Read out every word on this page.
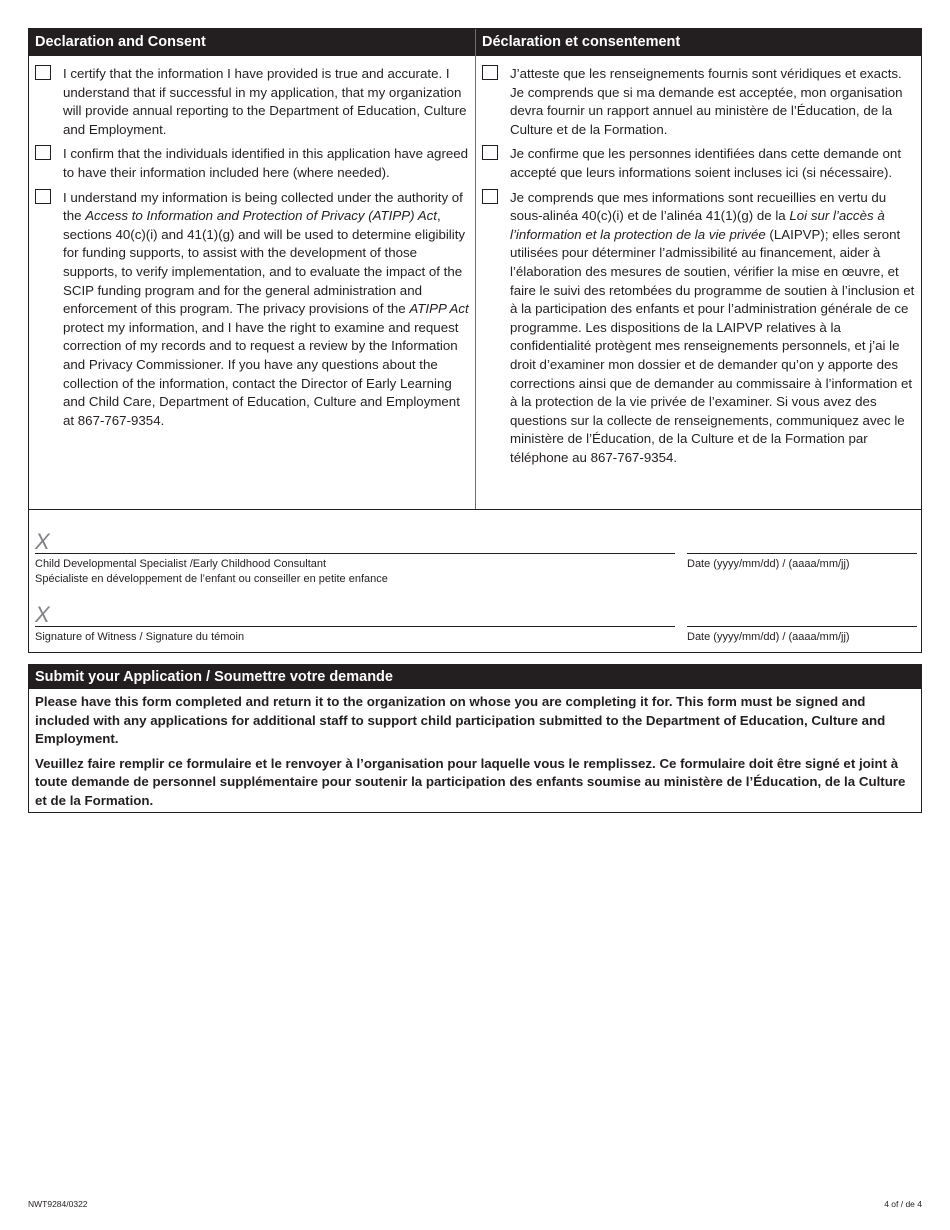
Declaration and Consent
I certify that the information I have provided is true and accurate. I understand that if successful in my application, that my organization will provide annual reporting to the Department of Education, Culture and Employment.
I confirm that the individuals identified in this application have agreed to have their information included here (where needed).
I understand my information is being collected under the authority of the Access to Information and Protection of Privacy (ATIPP) Act, sections 40(c)(i) and 41(1)(g) and will be used to determine eligibility for funding supports, to assist with the development of those supports, to verify implementation, and to evaluate the impact of the SCIP funding program and for the general administration and enforcement of this program. The privacy provisions of the ATIPP Act protect my information, and I have the right to examine and request correction of my records and to request a review by the Information and Privacy Commissioner. If you have any questions about the collection of the information, contact the Director of Early Learning and Child Care, Department of Education, Culture and Employment at 867-767-9354.
Déclaration et consentement
J’atteste que les renseignements fournis sont véridiques et exacts. Je comprends que si ma demande est acceptée, mon organisation devra fournir un rapport annuel au ministère de l’Éducation, de la Culture et de la Formation.
Je confirme que les personnes identifiées dans cette demande ont accepté que leurs informations soient incluses ici (si nécessaire).
Je comprends que mes informations sont recueillies en vertu du sous-alinéa 40(c)(i) et de l’alinéa 41(1)(g) de la Loi sur l’accès à l’information et la protection de la vie privée (LAIPVP); elles seront utilisées pour déterminer l’admissibilité au financement, aider à l’élaboration des mesures de soutien, vérifier la mise en œuvre, et faire le suivi des retombées du programme de soutien à l’inclusion et à la participation des enfants et pour l’administration générale de ce programme. Les dispositions de la LAIPVP relatives à la confidentialité protègent mes renseignements personnels, et j’ai le droit d’examiner mon dossier et de demander qu’on y apporte des corrections ainsi que de demander au commissaire à l’information et à la protection de la vie privée de l’examiner. Si vous avez des questions sur la collecte de renseignements, communiquez avec le ministère de l’Éducation, de la Culture et de la Formation par téléphone au 867-767-9354.
X
Child Developmental Specialist /Early Childhood Consultant
Spécialiste en développement de l’enfant ou conseiller en petite enfance
Date (yyyy/mm/dd) / (aaaa/mm/jj)
X
Signature of Witness / Signature du témoin	Date (yyyy/mm/dd) / (aaaa/mm/jj)
Submit your Application / Soumettre votre demande

Please have this form completed and return it to the organization on whose you are completing it for. This form must be signed and included with any applications for additional staff to support child participation submitted to the Department of Education, Culture and Employment.

Veuillez faire remplir ce formulaire et le renvoyer à l’organisation pour laquelle vous le remplissez. Ce formulaire doit être signé et joint à toute demande de personnel supplémentaire pour soutenir la participation des enfants soumise au ministère de l’Éducation, de la Culture et de la Formation.

NWT9284/0322	4 of / de 4
